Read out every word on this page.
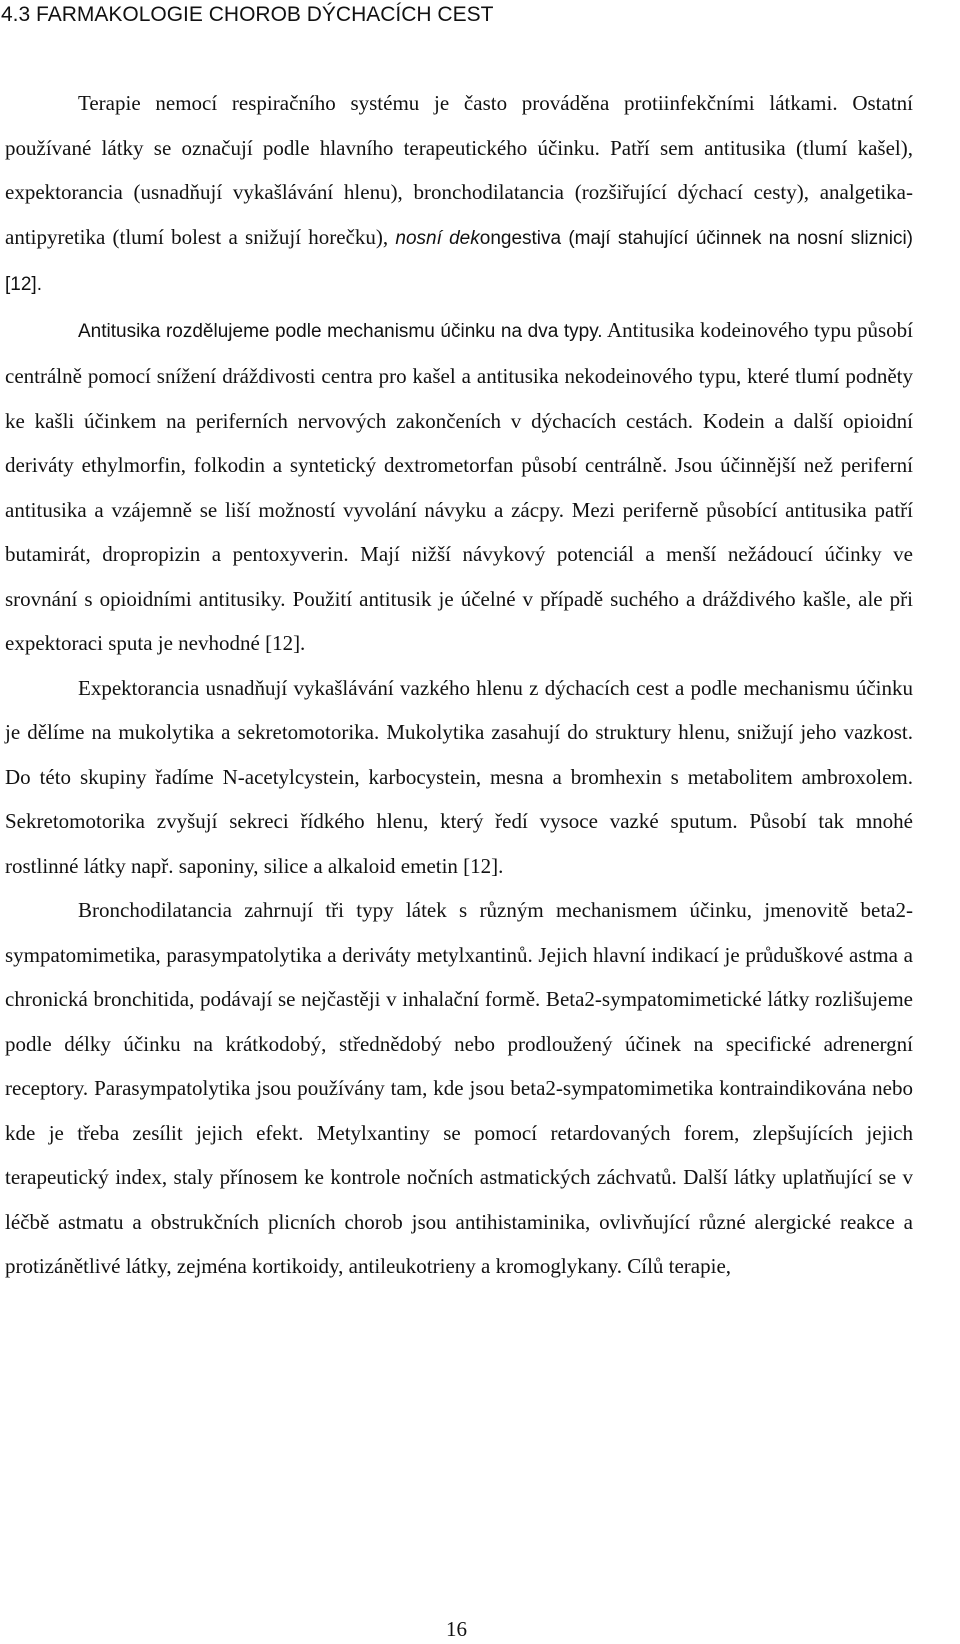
4.3 FARMAKOLOGIE CHOROB DÝCHACÍCH CEST

Terapie nemocí respiračního systému je často prováděna protiinfekčními látkami. Ostatní používané látky se označují podle hlavního terapeutického účinku. Patří sem antitusika (tlumí kašel), expektorancia (usnadňují vykašlávání hlenu), bronchodilatancia (rozšiřující dýchací cesty), analgetika-antipyretika (tlumí bolest a snižují horečku), nosní dekongestiva (mají stahující účinnek na nosní sliznici) [12].

Antitusika rozdělujeme podle mechanismu účinku na dva typy. Antitusika kodeinového typu působí centrálně pomocí snížení dráždivosti centra pro kašel a antitusika nekodeinového typu, které tlumí podněty ke kašli účinkem na periferních nervových zakončeních v dýchacích cestách. Kodein a další opioidní deriváty ethylmorfin, folkodin a syntetický dextrometorfan působí centrálně. Jsou účinnější než periferní antitusika a vzájemně se liší možností vyvolání návyku a zácpy. Mezi periferně působící antitusika patří butamirát, dropropizin a pentoxyverin. Mají nižší návykový potenciál a menší nežádoucí účinky ve srovnání s opioidními antitusiky. Použití antitusik je účelné v případě suchého a dráždivého kašle, ale při expektoraci sputa je nevhodné [12].

Expektorancia usnadňují vykašlávání vazkého hlenu z dýchacích cest a podle mechanismu účinku je dělíme na mukolytika a sekretomotorika. Mukolytika zasahují do struktury hlenu, snižují jeho vazkost. Do této skupiny řadíme N-acetylcystein, karbocystein, mesna a bromhexin s metabolitem ambroxolem. Sekretomotorika zvyšují sekreci řídkého hlenu, který ředí vysoce vazké sputum. Působí tak mnohé rostlinné látky např. saponiny, silice a alkaloid emetin [12].

Bronchodilatancia zahrnují tři typy látek s různým mechanismem účinku, jmenovitě beta2-sympatomimetika, parasympatolytika a deriváty metylxantinů. Jejich hlavní indikací je průduškové astma a chronická bronchitida, podávají se nejčastěji v inhalační formě. Beta2-sympatomimetické látky rozlišujeme podle délky účinku na krátkodobý, střednědobý nebo prodloužený účinek na specifické adrenergní receptory. Parasympatolytika jsou používány tam, kde jsou beta2-sympatomimetika kontraindikována nebo kde je třeba zesílit jejich efekt. Metylxantiny se pomocí retardovaných forem, zlepšujících jejich terapeutický index, staly přínosem ke kontrole nočních astmatických záchvatů. Další látky uplatňující se v léčbě astmatu a obstrukčních plicních chorob jsou antihistaminika, ovlivňující různé alergické reakce a protizánětlivé látky, zejména kortikoidy, antileukotrieny a kromoglykany. Cílů terapie,

16
